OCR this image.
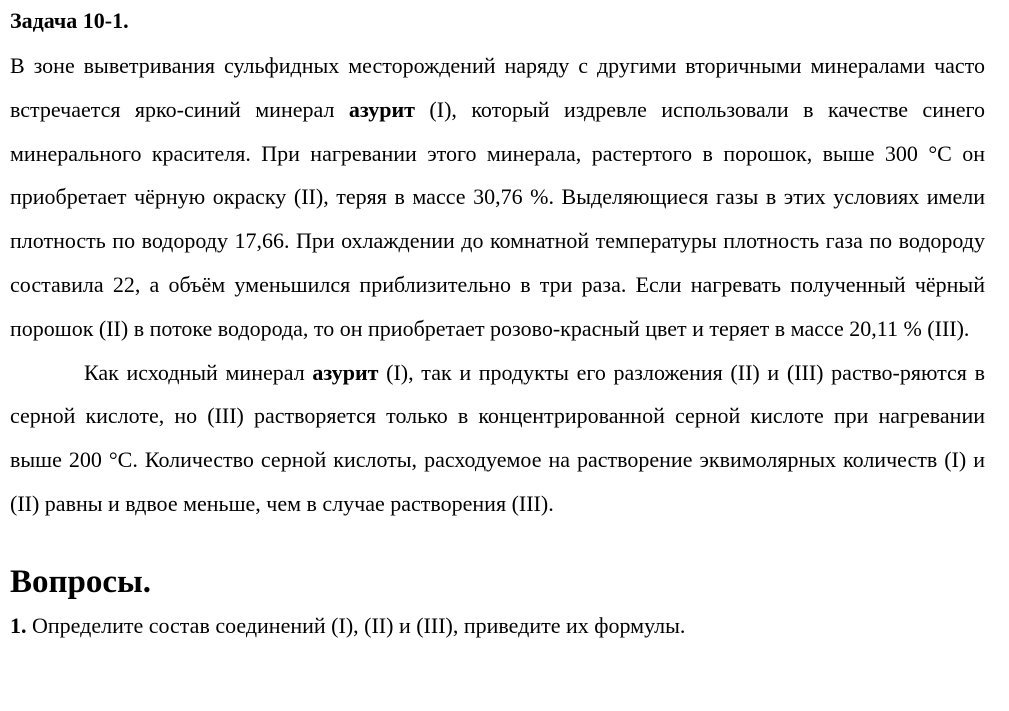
Задача 10-1.

В зоне выветривания сульфидных месторождений наряду с другими вторичными минералами часто встречается ярко-синий минерал азурит (I), который издревле использовали в качестве синего минерального красителя. При нагревании этого минерала, растертого в порошок, выше 300 °С он приобретает чёрную окраску (II), теряя в массе 30,76 %. Выделяющиеся газы в этих условиях имели плотность по водороду 17,66. При охлаждении до комнатной температуры плотность газа по водороду составила 22, а объём уменьшился приблизительно в три раза. Если нагревать полученный чёрный порошок (II) в потоке водорода, то он приобретает розово-красный цвет и теряет в массе 20,11 % (III).

Как исходный минерал азурит (I), так и продукты его разложения (II) и (III) раство-ряются в серной кислоте, но (III) растворяется только в концентрированной серной кислоте при нагревании выше 200 °С. Количество серной кислоты, расходуемое на растворение эквимолярных количеств (I) и (II) равны и вдвое меньше, чем в случае растворения (III).

Вопросы.

1. Определите состав соединений (I), (II) и (III), приведите их формулы.
